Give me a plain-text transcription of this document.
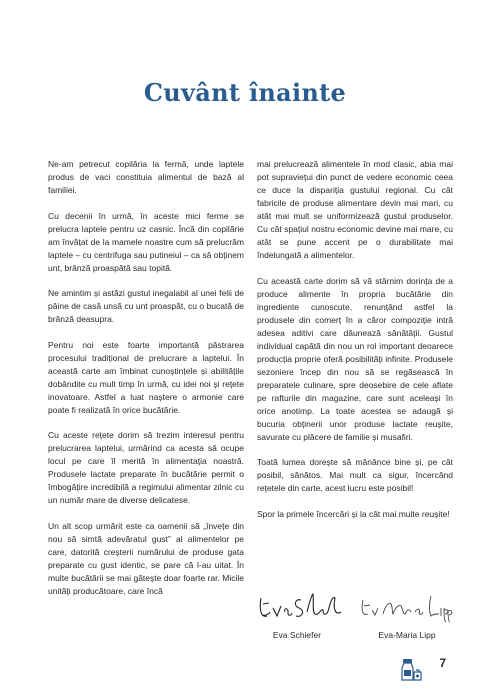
Cuvânt înainte

Ne-am petrecut copilăria la fermă, unde laptele produs de vaci constituia alimentul de bază al familiei.

Cu decenii în urmă, în aceste mici ferme se prelucra laptele pentru uz casnic. Încă din copilărie am învățat de la mamele noastre cum să prelucrăm laptele – cu centrifuga sau putineiul – ca să obținem unt, brânză proaspătă sau topită.

Ne amintim și astăzi gustul inegalabil al unei felii de pâine de casă unsă cu unt proaspăt, cu o bucată de brânză deasupra.

Pentru noi este foarte importantă păstrarea procesului tradițional de prelucrare a laptelui. În această carte am îmbinat cunoștințele și abilitățile dobândite cu mult timp în urmă, cu idei noi și rețete inovatoare. Astfel a luat naștere o armonie care poate fi realizată în orice bucătărie.

Cu aceste rețete dorim să trezim interesul pentru prelucrarea laptelui, urmărind ca acesta să ocupe locul pe care îl merită în alimentația noastră. Produsele lactate preparate în bucătărie permit o îmbogățire incredibilă a regimului alimentar zilnic cu un număr mare de diverse delicatese.

Un alt scop urmărit este ca oamenii să „învețe din nou să simtă adevăratul gust” al alimentelor pe care, datorită creșterii numărului de produse gata preparate cu gust identic, se pare că l-au uitat. În multe bucătării se mai gătește doar foarte rar. Micile unități producătoare, care încă

mai prelucrează alimentele în mod clasic, abia mai pot supraviețui din punct de vedere economic ceea ce duce la dispariția gustului regional. Cu cât fabricile de produse alimentare devin mai mari, cu atât mai mult se uniformizează gustul produselor. Cu cât spațiul nostru economic devine mai mare, cu atât se pune accent pe o durabilitate mai îndelungată a alimentelor.

Cu această carte dorim să vă stârnim dorința de a produce alimente în propria bucătărie din ingrediente cunoscute, renunțând astfel la produsele din comerț în a căror compoziție intră adesea aditivi care dăunează sănătății. Gustul individual capătă din nou un rol important deoarece producția proprie oferă posibilități infinite. Produsele sezoniere încep din nou să se regăsească în preparatele culinare, spre deosebire de cele aflate pe rafturile din magazine, care sunt aceleași în orice anotimp. La toate acestea se adaugă și bucuria obținerii unor produse lactate reușite, savurate cu plăcere de familie și musafiri.

Toată lumea dorește să mănânce bine și, pe cât posibil, sănătos. Mai mult ca sigur, încercând rețetele din carte, acest lucru este posibil!

Spor la primele încercări și la cât mai multe reușite!

Eva Schiefer	Eva-Maria Lipp
7
